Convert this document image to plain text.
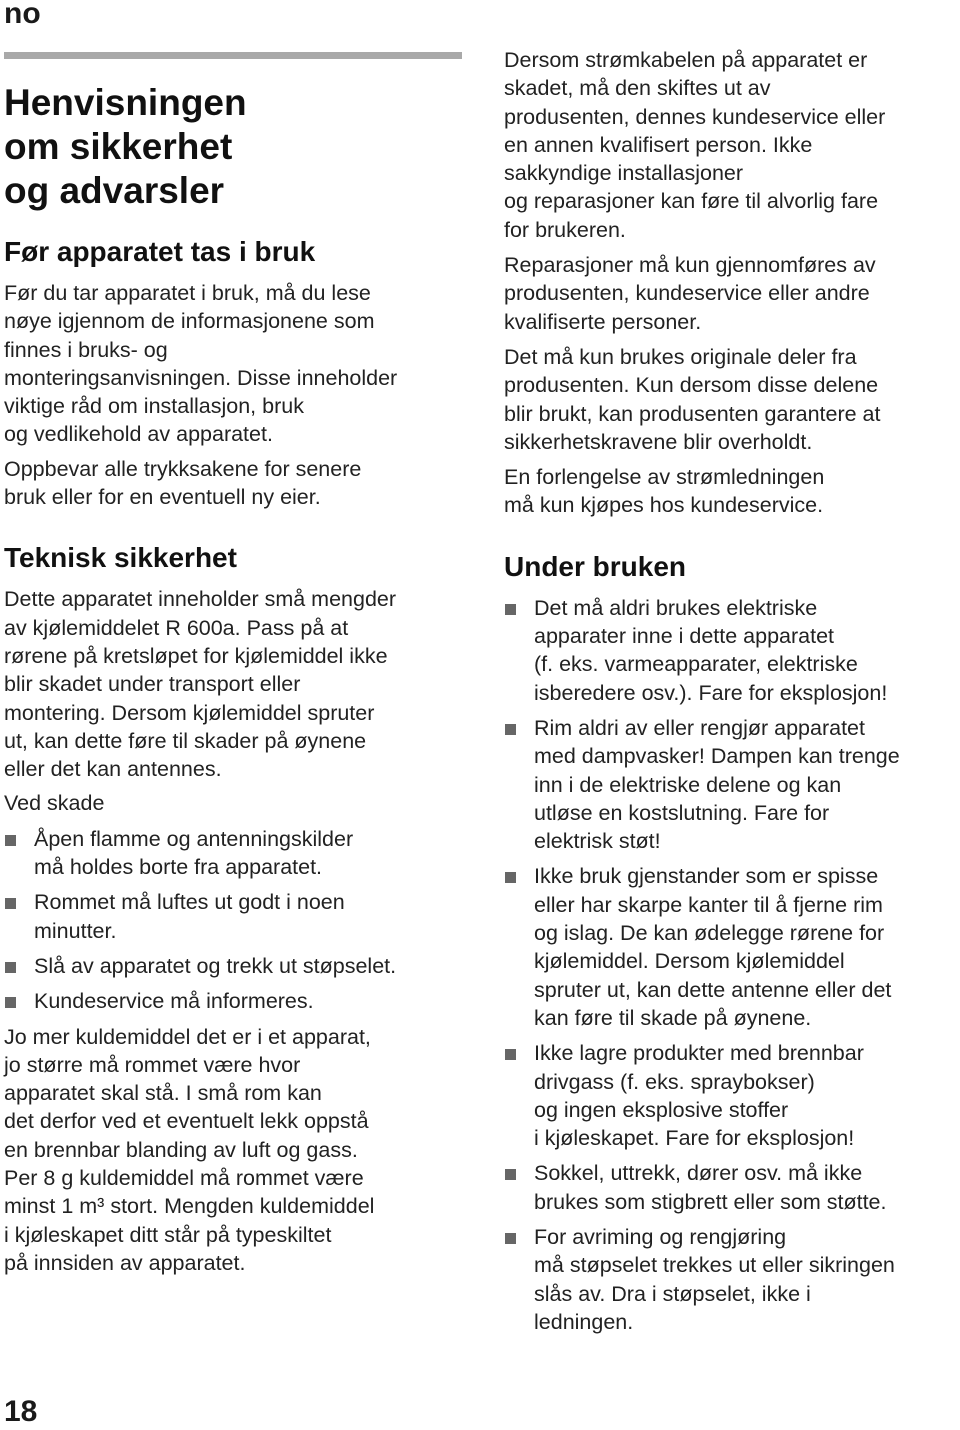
no
Henvisningen
om sikkerhet
og advarsler
Før apparatet tas i bruk

Før du tar apparatet i bruk, må du lese
nøye igjennom de informasjonene som
finnes i bruks- og
monteringsanvisningen. Disse inneholder
viktige råd om installasjon, bruk
og vedlikehold av apparatet.

Oppbevar alle trykksakene for senere
bruk eller for en eventuell ny eier.

Teknisk sikkerhet

Dette apparatet inneholder små mengder
av kjølemiddelet R 600a. Pass på at
rørene på kretsløpet for kjølemiddel ikke
blir skadet under transport eller
montering. Dersom kjølemiddel spruter
ut, kan dette føre til skader på øynene
eller det kan antennes.

Ved skade

Åpen flamme og antenningskilder
må holdes borte fra apparatet.
Rommet må luftes ut godt i noen
minutter.
Slå av apparatet og trekk ut støpselet.
Kundeservice må informeres.

Jo mer kuldemiddel det er i et apparat,
jo større må rommet være hvor
apparatet skal stå. I små rom kan
det derfor ved et eventuelt lekk oppstå
en brennbar blanding av luft og gass.
Per 8 g kuldemiddel må rommet være
minst 1 m³ stort. Mengden kuldemiddel
i kjøleskapet ditt står på typeskiltet
på innsiden av apparatet.

Dersom strømkabelen på apparatet er
skadet, må den skiftes ut av
produsenten, dennes kundeservice eller
en annen kvalifisert person. Ikke
sakkyndige installasjoner
og reparasjoner kan føre til alvorlig fare
for brukeren.

Reparasjoner må kun gjennomføres av
produsenten, kundeservice eller andre
kvalifiserte personer.

Det må kun brukes originale deler fra
produsenten. Kun dersom disse delene
blir brukt, kan produsenten garantere at
sikkerhetskravene blir overholdt.

En forlengelse av strømledningen
må kun kjøpes hos kundeservice.

Under bruken
Det må aldri brukes elektriske
apparater inne i dette apparatet
(f. eks. varmeapparater, elektriske
isberedere osv.). Fare for eksplosjon!
Rim aldri av eller rengjør apparatet
med dampvasker! Dampen kan trenge
inn i de elektriske delene og kan
utløse en kostslutning. Fare for
elektrisk støt!
Ikke bruk gjenstander som er spisse
eller har skarpe kanter til å fjerne rim
og islag. De kan ødelegge rørene for
kjølemiddel. Dersom kjølemiddel
spruter ut, kan dette antenne eller det
kan føre til skade på øynene.
Ikke lagre produkter med brennbar
drivgass (f. eks. spraybokser)
og ingen eksplosive stoffer
i kjøleskapet. Fare for eksplosjon!
Sokkel, uttrekk, dører osv. må ikke
brukes som stigbrett eller som støtte.
For avriming og rengjøring
må støpselet trekkes ut eller sikringen
slås av. Dra i støpselet, ikke i
ledningen.
18
